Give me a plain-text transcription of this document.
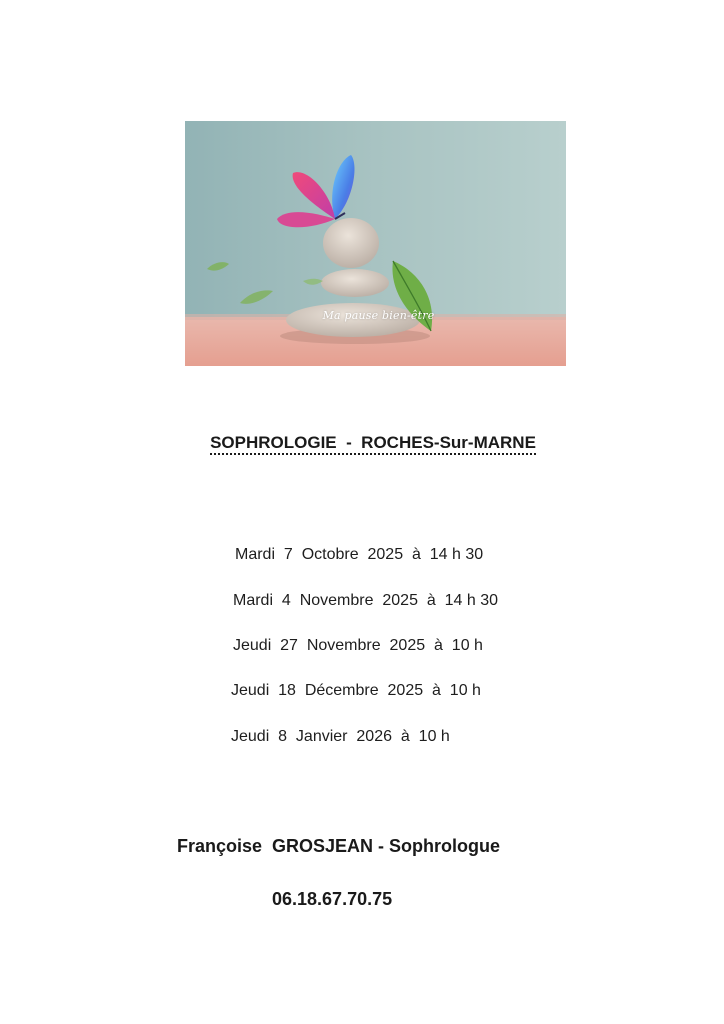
Ma pause bien-être
SOPHROLOGIE  -  ROCHES-Sur-MARNE
Mardi  7  Octobre  2025  à  14 h 30
Mardi  4  Novembre  2025  à  14 h 30
Jeudi  27  Novembre  2025  à  10 h
Jeudi  18  Décembre  2025  à  10 h
Jeudi  8  Janvier  2026  à  10 h
Françoise  GROSJEAN - Sophrologue
06.18.67.70.75
